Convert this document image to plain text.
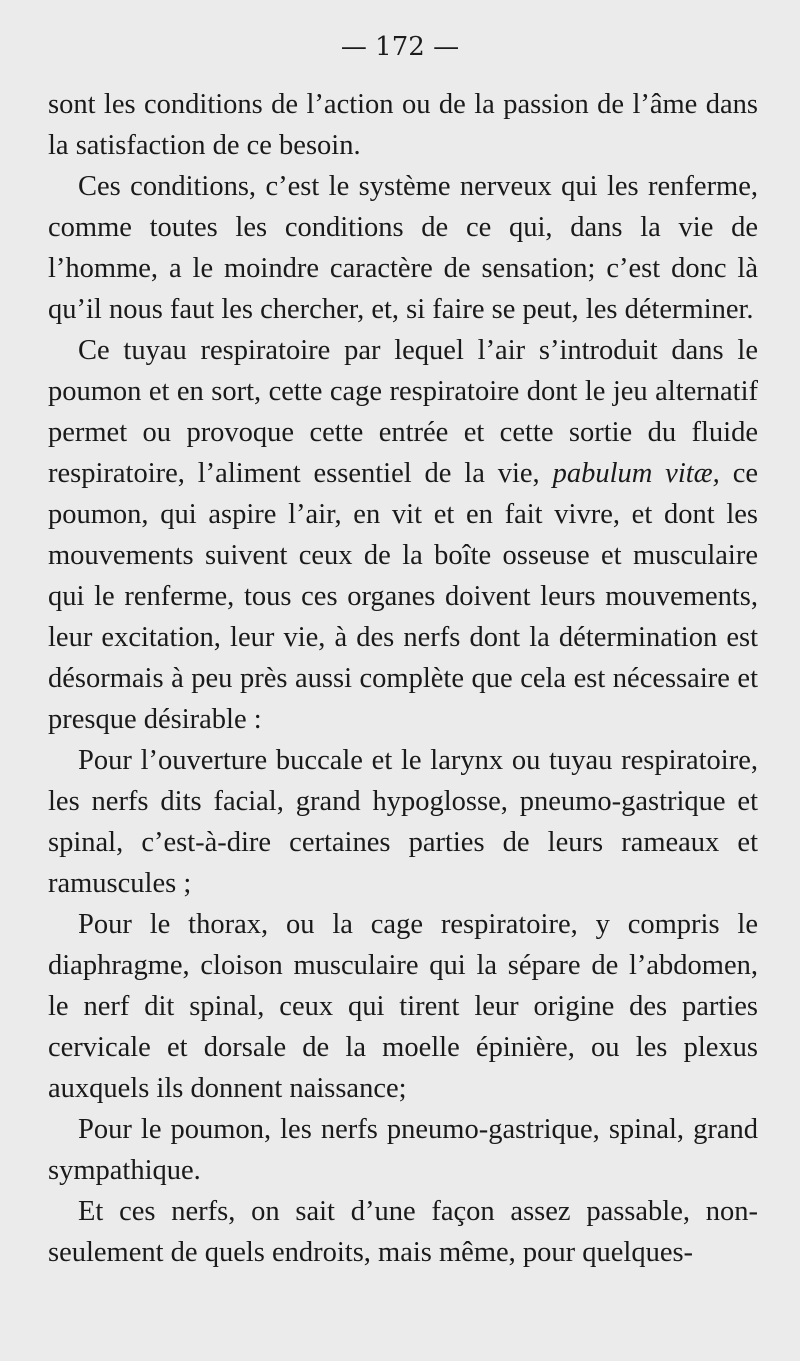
— 172 —

sont les conditions de l’action ou de la passion de l’âme dans la satisfaction de ce besoin.

Ces conditions, c’est le système nerveux qui les renferme, comme toutes les conditions de ce qui, dans la vie de l’homme, a le moindre caractère de sensation; c’est donc là qu’il nous faut les chercher, et, si faire se peut, les déterminer.

Ce tuyau respiratoire par lequel l’air s’introduit dans le poumon et en sort, cette cage respiratoire dont le jeu alternatif permet ou provoque cette entrée et cette sortie du fluide respiratoire, l’aliment essentiel de la vie, pabulum vitæ, ce poumon, qui aspire l’air, en vit et en fait vivre, et dont les mouvements suivent ceux de la boîte osseuse et musculaire qui le renferme, tous ces organes doivent leurs mouvements, leur excitation, leur vie, à des nerfs dont la détermination est désormais à peu près aussi complète que cela est nécessaire et presque désirable :

Pour l’ouverture buccale et le larynx ou tuyau respiratoire, les nerfs dits facial, grand hypoglosse, pneumo-gastrique et spinal, c’est-à-dire certaines parties de leurs rameaux et ramuscules ;

Pour le thorax, ou la cage respiratoire, y compris le diaphragme, cloison musculaire qui la sépare de l’abdomen, le nerf dit spinal, ceux qui tirent leur origine des parties cervicale et dorsale de la moelle épinière, ou les plexus auxquels ils donnent naissance;

Pour le poumon, les nerfs pneumo-gastrique, spinal, grand sympathique.

Et ces nerfs, on sait d’une façon assez passable, non-seulement de quels endroits, mais même, pour quelques-
